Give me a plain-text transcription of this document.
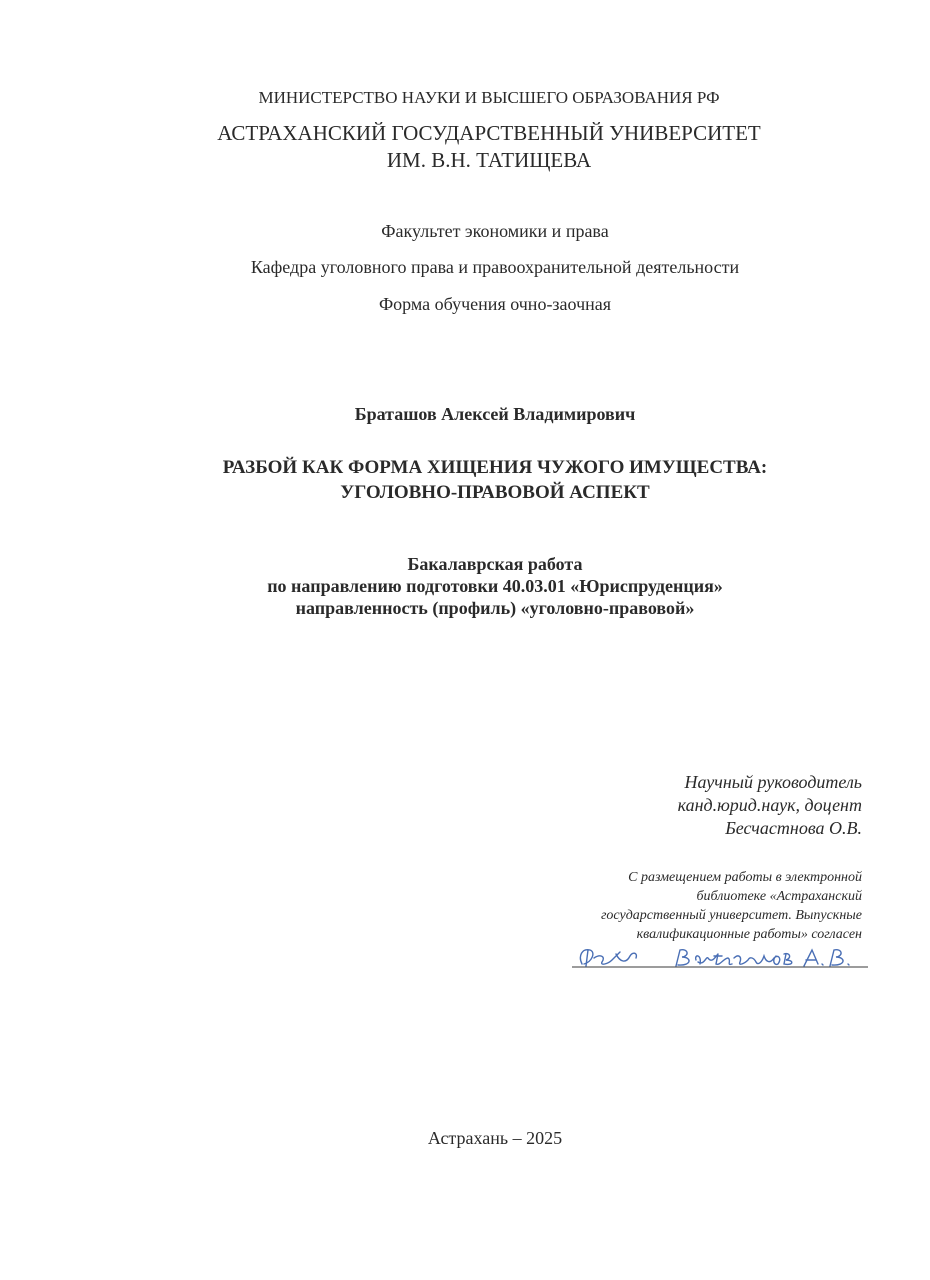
МИНИСТЕРСТВО НАУКИ И ВЫСШЕГО ОБРАЗОВАНИЯ РФ
АСТРАХАНСКИЙ ГОСУДАРСТВЕННЫЙ УНИВЕРСИТЕТ
ИМ. В.Н. ТАТИЩЕВА
Факультет экономики и права
Кафедра уголовного права и правоохранительной деятельности
Форма обучения очно-заочная
Браташов Алексей Владимирович
РАЗБОЙ КАК ФОРМА ХИЩЕНИЯ ЧУЖОГО ИМУЩЕСТВА:
УГОЛОВНО-ПРАВОВОЙ АСПЕКТ
Бакалаврская работа
по направлению подготовки 40.03.01 «Юриспруденция»
направленность (профиль) «уголовно-правовой»
Научный руководитель
канд.юрид.наук, доцент
Бесчастнова О.В.
С размещением работы в электронной
библиотеке «Астраханский
государственный университет. Выпускные
квалификационные работы» согласен
Астрахань – 2025
